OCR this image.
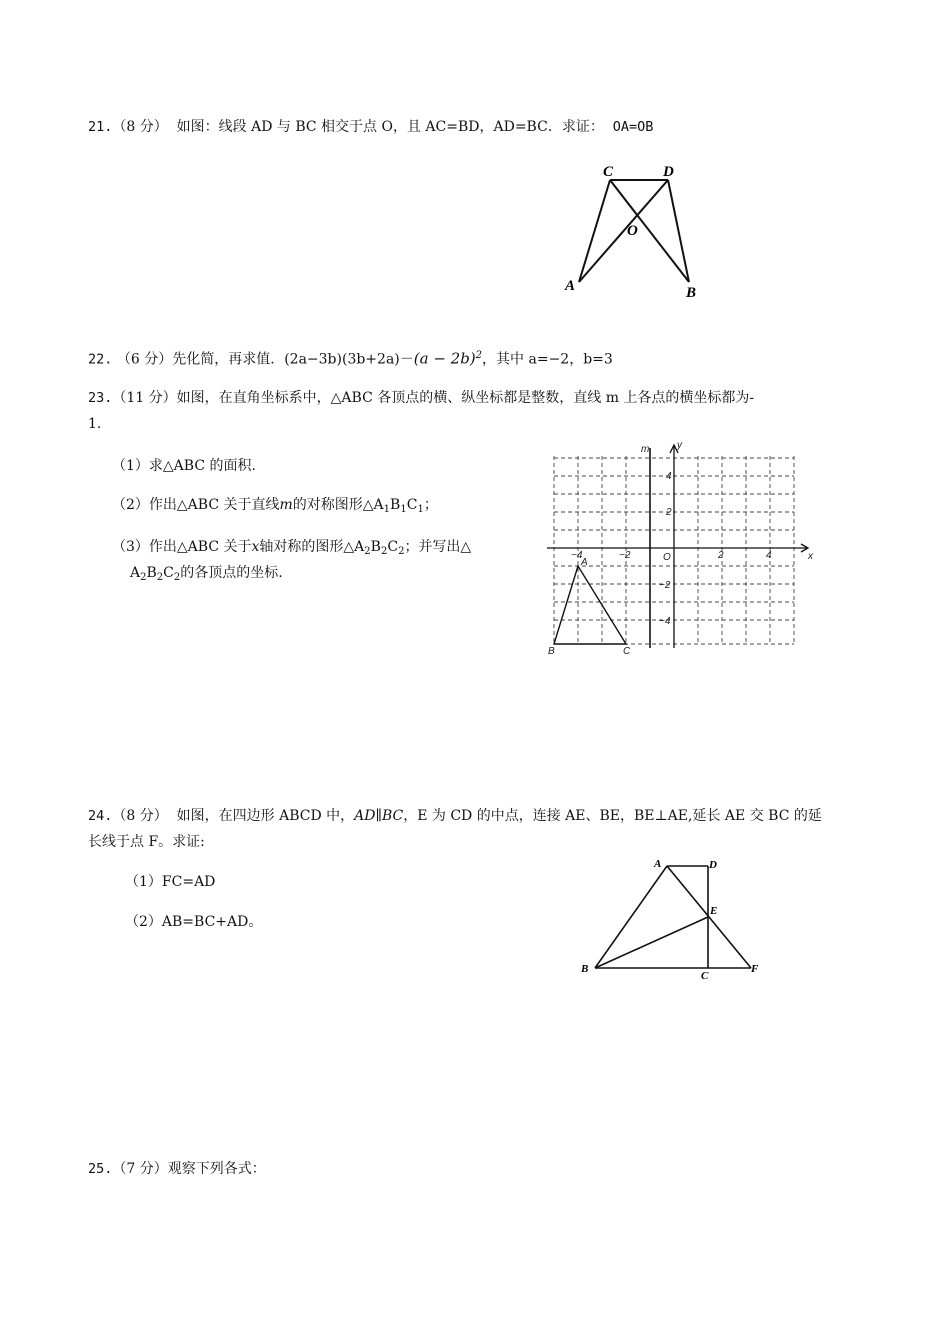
21.（8 分） 如图：线段 AD 与 BC 相交于点 O，且 AC=BD，AD=BC．求证： OA=OB
C	D
O
A	B
22. （6 分）先化简，再求值．$(2a-3b)(3b+2a)-(a - 2b)^2$，其中 a=−2，b=3
23.（11 分）如图，在直角坐标系中，△ABC 各顶点的横、纵坐标都是整数，直线 m 上各点的横坐标都为-
1.
（1）求△ABC 的面积.
（2）作出△ABC 关于直线m的对称图形$\triangle A_1B_1C_1$；
（3）作出△ABC 关于x轴对称的图形$\triangle A_2B_2C_2$；并写出△
$A_2B_2C_2$的各顶点的坐标.
x
y
m
O
−4	−2	2	4
4
2
−2
−4
A
B	C
24.（8 分） 如图，在四边形 ABCD 中，AD∥BC，E 为 CD 的中点，连接 AE、BE，BE⊥AE,延长 AE 交 BC 的延
长线于点 F。求证:
（1）FC=AD
（2）AB=BC+AD。
A	D
E
B
C
F
25.（7 分）观察下列各式：
